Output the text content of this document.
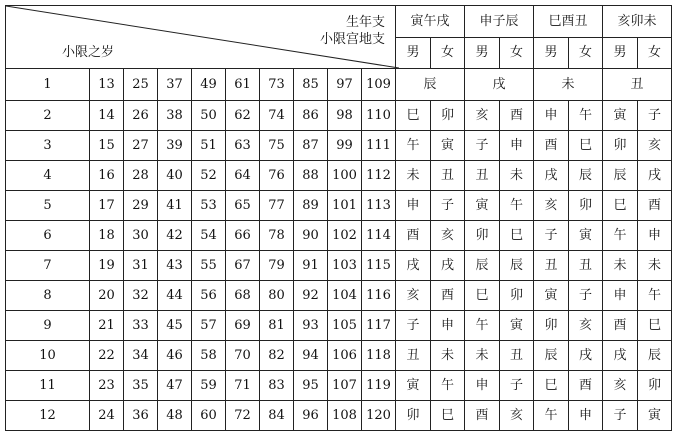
生年支
小限宫地支
小限之岁										寅午戌		申子辰		巳酉丑		亥卯未	
										男	女	男	女	男	女	男	女
1	13	25	37	49	61	73	85	97	109	辰		戌		未		丑	
2	14	26	38	50	62	74	86	98	110	巳	卯	亥	酉	申	午	寅	子
3	15	27	39	51	63	75	87	99	111	午	寅	子	申	酉	巳	卯	亥
4	16	28	40	52	64	76	88	100	112	未	丑	丑	未	戌	辰	辰	戌
5	17	29	41	53	65	77	89	101	113	申	子	寅	午	亥	卯	巳	酉
6	18	30	42	54	66	78	90	102	114	酉	亥	卯	巳	子	寅	午	申
7	19	31	43	55	67	79	91	103	115	戌	戌	辰	辰	丑	丑	未	未
8	20	32	44	56	68	80	92	104	116	亥	酉	巳	卯	寅	子	申	午
9	21	33	45	57	69	81	93	105	117	子	申	午	寅	卯	亥	酉	巳
10	22	34	46	58	70	82	94	106	118	丑	未	未	丑	辰	戌	戌	辰
11	23	35	47	59	71	83	95	107	119	寅	午	申	子	巳	酉	亥	卯
12	24	36	48	60	72	84	96	108	120	卯	巳	酉	亥	午	申	子	寅
